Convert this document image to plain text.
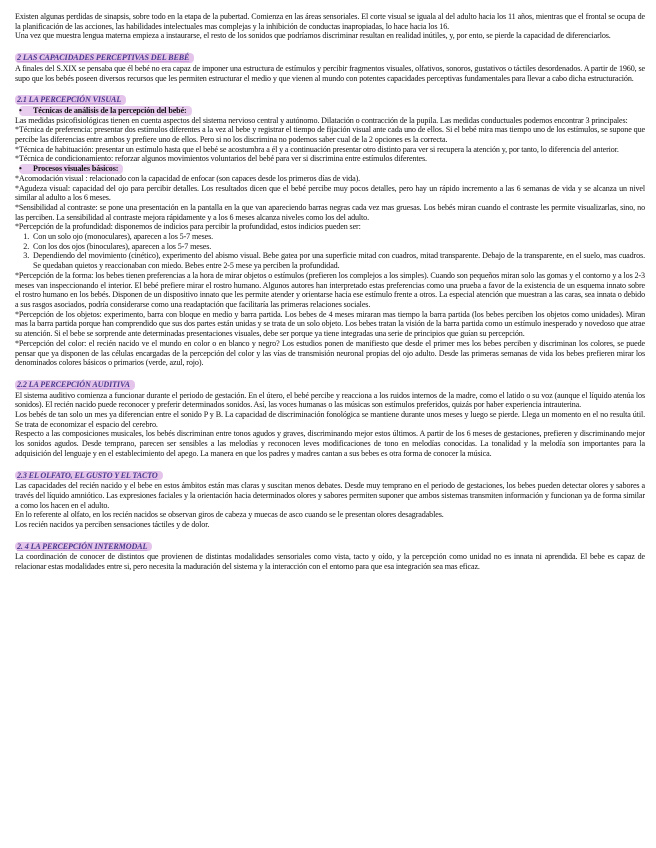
Existen algunas perdidas de sinapsis, sobre todo en la etapa de la pubertad. Comienza en las áreas sensoriales. El corte visual se iguala al del adulto hacia los 11 años, mientras que el frontal se ocupa de la planificación de las acciones, las habilidades intelectuales mas complejas y la inhibición de conductas inapropiadas, lo hace hacia los 16.

Una vez que muestra lengua materna empieza a instaurarse, el resto de los sonidos que podríamos discriminar resultan en realidad inútiles, y, por ento, se pierde la capacidad de diferenciarlos.

2 LAS CAPACIDADES PERCEPTIVAS DEL BEBÉ

A finales del S.XIX se pensaba que él bebé no era capaz de imponer una estructura de estímulos y percibir fragmentos visuales, olfativos, sonoros, gustativos o táctiles desordenados. A partir de 1960, se supo que los bebés poseen diversos recursos que les permiten estructurar el medio y que vienen al mundo con potentes capacidades perceptivas fundamentales para llevar a cabo dicha estructuración.

2.1 LA PERCEPCIÓN VISUAL
• Técnicas de análisis de la percepción del bebé:

Las medidas psicofisiológicas tienen en cuenta aspectos del sistema nervioso central y autónomo. Dilatación o contracción de la pupila. Las medidas conductuales podemos encontrar 3 principales:

*Técnica de preferencia: presentar dos estímulos diferentes a la vez al bebe y registrar el tiempo de fijación visual ante cada uno de ellos. Si el bebé mira mas tiempo uno de los estímulos, se supone que percibe las diferencias entre ambos y prefiere uno de ellos. Pero si no los discrimina no podemos saber cual de la 2 opciones es la correcta.

*Técnica de habituación: presentar un estímulo hasta que el bebé se acostumbra a él y a continuación presentar otro distinto para ver si recupera la atención y, por tanto, lo diferencia del anterior.

*Técnica de condicionamiento: reforzar algunos movimientos voluntarios del bebé para ver si discrimina entre estímulos diferentes.

• Procesos visuales básicos:

*Acomodación visual : relacionado con la capacidad de enfocar (son capaces desde los primeros días de vida).

*Agudeza visual: capacidad del ojo para percibir detalles. Los resultados dicen que el bebé percibe muy pocos detalles, pero hay un rápido incremento a las 6 semanas de vida y se alcanza un nivel similar al adulto a los 6 meses.

*Sensibilidad al contraste: se pone una presentación en la pantalla en la que van apareciendo barras negras cada vez mas gruesas. Los bebés miran cuando el contraste les permite visualizarlas, sino, no las perciben. La sensibilidad al contraste mejora rápidamente y a los 6 meses alcanza niveles como los del adulto.

*Percepción de la profundidad: disponemos de indicios para percibir la profundidad, estos indicios pueden ser:

1. Con un solo ojo (monoculares), aparecen a los 5-7 meses.
2. Con los dos ojos (binoculares), aparecen a los 5-7 meses.
3. Dependiendo del movimiento (cinético), experimento del abismo visual. Bebe gatea por una superficie mitad con cuadros, mitad transparente. Debajo de la transparente, en el suelo, mas cuadros. Se quedaban quietos y reaccionaban con miedo. Bebes entre 2-5 mese ya perciben la profundidad.

*Percepción de la forma: los bebes tienen preferencias a la hora de mirar objetos o estímulos (prefieren los complejos a los simples). Cuando son pequeños miran solo las gomas y el contorno y a los 2-3 meses van inspeccionando el interior. El bebé prefiere mirar el rostro humano. Algunos autores han interpretado estas preferencias como una prueba a favor de la existencia de un esquema innato sobre el rostro humano en los bebés. Disponen de un dispositivo innato que les permite atender y orientarse hacia ese estímulo frente a otros. La especial atención que muestran a las caras, sea innata o debido a sus rasgos asociados, podría considerarse como una readaptación que facilitaría las primeras relaciones sociales.

*Percepción de los objetos: experimento, barra con bloque en medio y barra partida. Los bebes de 4 meses miraran mas tiempo la barra partida (los bebes perciben los objetos como unidades). Miran mas la barra partida porque han comprendido que sus dos partes están unidas y se trata de un solo objeto. Los bebes tratan la visión de la barra partida como un estímulo inesperado y novedoso que atrae su atención. Si el bebe se sorprende ante determinadas presentaciones visuales, debe ser porque ya tiene integradas una serie de principios que guían su percepción.

*Percepción del color: el recién nacido ve el mundo en color o en blanco y negro? Los estudios ponen de manifiesto que desde el primer mes los bebes perciben y discriminan los colores, se puede pensar que ya disponen de las células encargadas de la percepción del color y las vías de transmisión neuronal propias del ojo adulto. Desde las primeras semanas de vida los bebes prefieren mirar los denominados colores básicos o primarios (verde, azul, rojo).

2.2 LA PERCEPCIÓN AUDITIVA

El sistema auditivo comienza a funcionar durante el periodo de gestación. En el útero, el bebé percibe y reacciona a los ruidos internos de la madre, como el latido o su voz (aunque el líquido atenúa los sonidos). El recién nacido puede reconocer y preferir determinados sonidos. Así, las voces humanas o las músicas son estímulos preferidos, quizás por haber experiencia intrauterina.

Los bebés de tan solo un mes ya diferencian entre el sonido P y B. La capacidad de discriminación fonológica se mantiene durante unos meses y luego se pierde. Llega un momento en el no resulta útil. Se trata de economizar el espacio del cerebro.

Respecto a las composiciones musicales, los bebés discriminan entre tonos agudos y graves, discriminando mejor estos últimos. A partir de los 6 meses de gestaciones, prefieren y discriminando mejor los sonidos agudos. Desde temprano, parecen ser sensibles a las melodías y reconocen leves modificaciones de tono en melodías conocidas. La tonalidad y la melodía son importantes para la adquisición del lenguaje y en el establecimiento del apego. La manera en que los padres y madres cantan a sus bebes es otra forma de conocer la música.

2.3 EL OLFATO, EL GUSTO Y EL TACTO

Las capacidades del recién nacido y el bebe en estos ámbitos están mas claras y suscitan menos debates. Desde muy temprano en el periodo de gestaciones, los bebes pueden detectar olores y sabores a través del líquido amniótico. Las expresiones faciales y la orientación hacia determinados olores y sabores permiten suponer que ambos sistemas transmiten información y funcionan ya de forma similar a como los hacen en el adulto.

En lo referente al olfato, en los recién nacidos se observan giros de cabeza y muecas de asco cuando se le presentan olores desagradables.

Los recién nacidos ya perciben sensaciones táctiles y de dolor.

2. 4 LA PERCEPCIÓN INTERMODAL

La coordinación de conocer de distintos que provienen de distintas modalidades sensoriales como vista, tacto y oído, y la percepción como unidad no es innata ni aprendida. El bebe es capaz de relacionar estas modalidades entre si, pero necesita la maduración del sistema y la interacción con el entorno para que esa integración sea mas eficaz.
